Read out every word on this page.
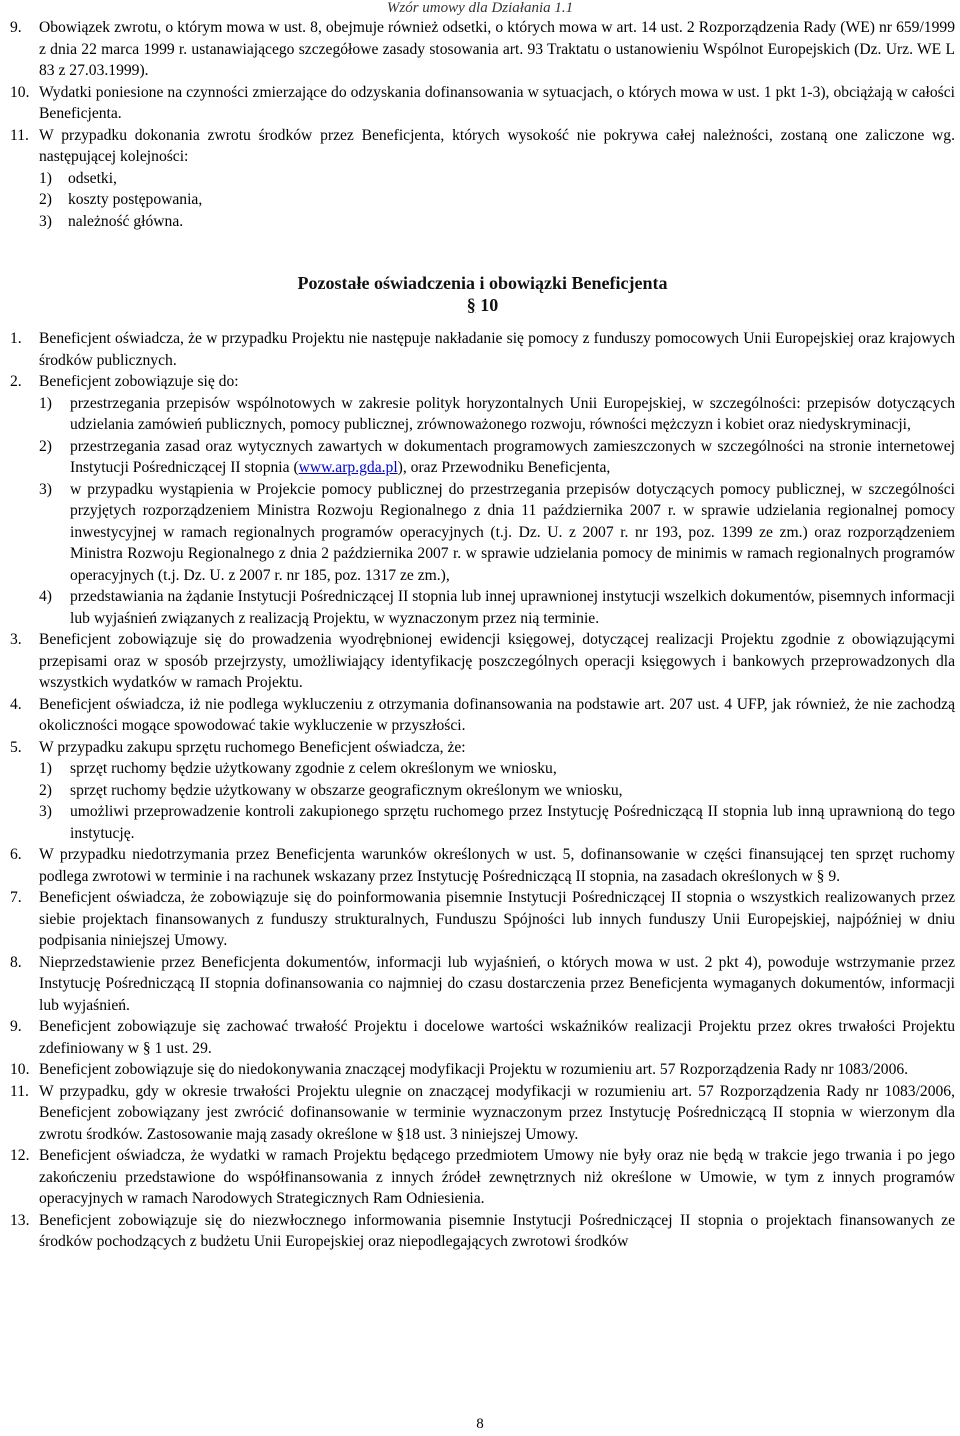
Wzór umowy dla Działania 1.1
9.	Obowiązek zwrotu, o którym mowa w ust. 8, obejmuje również odsetki, o których mowa w art. 14 ust. 2 Rozporządzenia Rady (WE) nr 659/1999 z dnia 22 marca 1999 r. ustanawiającego szczegółowe zasady stosowania art. 93 Traktatu o ustanowieniu Wspólnot Europejskich (Dz. Urz. WE L 83 z 27.03.1999).
10. Wydatki poniesione na czynności zmierzające do odzyskania dofinansowania w sytuacjach, o których mowa w ust. 1 pkt 1-3), obciążają w całości Beneficjenta.
11. W przypadku dokonania zwrotu środków przez Beneficjenta, których wysokość nie pokrywa całej należności, zostaną one zaliczone wg. następującej kolejności:
1)	odsetki,
2)	koszty postępowania,
3)	należność główna.
Pozostałe oświadczenia i obowiązki Beneficjenta
§ 10
1.	Beneficjent oświadcza, że w przypadku Projektu nie następuje nakładanie się pomocy z funduszy pomocowych Unii Europejskiej oraz krajowych środków publicznych.
2.	Beneficjent zobowiązuje się do:
1)	przestrzegania przepisów wspólnotowych w zakresie polityk horyzontalnych Unii Europejskiej, w szczególności: przepisów dotyczących udzielania zamówień publicznych, pomocy publicznej, zrównoważonego rozwoju, równości mężczyzn i kobiet oraz niedyskryminacji,
2)	przestrzegania zasad oraz wytycznych zawartych w dokumentach programowych zamieszczonych w szczególności na stronie internetowej Instytucji Pośredniczącej II stopnia (www.arp.gda.pl), oraz Przewodniku Beneficjenta,
3)	w przypadku wystąpienia w Projekcie pomocy publicznej do przestrzegania przepisów dotyczących pomocy publicznej, w szczególności przyjętych rozporządzeniem Ministra Rozwoju Regionalnego z dnia 11 października 2007 r. w sprawie udzielania regionalnej pomocy inwestycyjnej w ramach regionalnych programów operacyjnych (t.j. Dz. U. z 2007 r. nr 193, poz. 1399 ze zm.) oraz rozporządzeniem Ministra Rozwoju Regionalnego z dnia 2 października 2007 r. w sprawie udzielania pomocy de minimis w ramach regionalnych programów operacyjnych (t.j. Dz. U. z 2007 r. nr 185, poz. 1317 ze zm.),
4)	przedstawiania na żądanie Instytucji Pośredniczącej II stopnia lub innej uprawnionej instytucji wszelkich dokumentów, pisemnych informacji lub wyjaśnień związanych z realizacją Projektu, w wyznaczonym przez nią terminie.
3.	Beneficjent zobowiązuje się do prowadzenia wyodrębnionej ewidencji księgowej, dotyczącej realizacji Projektu zgodnie z obowiązującymi przepisami oraz w sposób przejrzysty, umożliwiający identyfikację poszczególnych operacji księgowych i bankowych przeprowadzonych dla wszystkich wydatków w ramach Projektu.
4.	Beneficjent oświadcza, iż nie podlega wykluczeniu z otrzymania dofinansowania na podstawie art. 207 ust. 4 UFP, jak również, że nie zachodzą okoliczności mogące spowodować takie wykluczenie w przyszłości.
5.	W przypadku zakupu sprzętu ruchomego Beneficjent oświadcza, że:
1)	sprzęt ruchomy będzie użytkowany zgodnie z celem określonym we wniosku,
2)	sprzęt ruchomy będzie użytkowany w obszarze geograficznym określonym we wniosku,
3)	umożliwi przeprowadzenie kontroli zakupionego sprzętu ruchomego przez Instytucję Pośredniczącą II stopnia lub inną uprawnioną do tego instytucję.
6.	W przypadku niedotrzymania przez Beneficjenta warunków określonych w ust. 5, dofinansowanie w części finansującej ten sprzęt ruchomy podlega zwrotowi w terminie i na rachunek wskazany przez Instytucję Pośredniczącą II stopnia, na zasadach określonych w § 9.
7.	Beneficjent oświadcza, że zobowiązuje się do poinformowania pisemnie Instytucji Pośredniczącej II stopnia o wszystkich realizowanych przez siebie projektach finansowanych z funduszy strukturalnych, Funduszu Spójności lub innych funduszy Unii Europejskiej, najpóźniej w dniu podpisania niniejszej Umowy.
8.	Nieprzedstawienie przez Beneficjenta dokumentów, informacji lub wyjaśnień, o których mowa w ust. 2 pkt 4), powoduje wstrzymanie przez Instytucję Pośredniczącą II stopnia dofinansowania co najmniej do czasu dostarczenia przez Beneficjenta wymaganych dokumentów, informacji lub wyjaśnień.
9.	Beneficjent zobowiązuje się zachować trwałość Projektu i docelowe wartości wskaźników realizacji Projektu przez okres trwałości Projektu zdefiniowany w § 1 ust. 29.
10. Beneficjent zobowiązuje się do niedokonywania znaczącej modyfikacji Projektu w rozumieniu art. 57 Rozporządzenia Rady nr 1083/2006.
11. W przypadku, gdy w okresie trwałości Projektu ulegnie on znaczącej modyfikacji w rozumieniu art. 57 Rozporządzenia Rady nr 1083/2006, Beneficjent zobowiązany jest zwrócić dofinansowanie w terminie wyznaczonym przez Instytucję Pośredniczącą II stopnia w wierzonym dla zwrotu środków. Zastosowanie mają zasady określone w §18 ust. 3 niniejszej Umowy.
12. Beneficjent oświadcza, że wydatki w ramach Projektu będącego przedmiotem Umowy nie były oraz nie będą w trakcie jego trwania i po jego zakończeniu przedstawione do współfinansowania z innych źródeł zewnętrznych niż określone w Umowie, w tym z innych programów operacyjnych w ramach Narodowych Strategicznych Ram Odniesienia.
13. Beneficjent zobowiązuje się do niezwłocznego informowania pisemnie Instytucji Pośredniczącej II stopnia o projektach finansowanych ze środków pochodzących z budżetu Unii Europejskiej oraz niepodlegających zwrotowi środków
8
